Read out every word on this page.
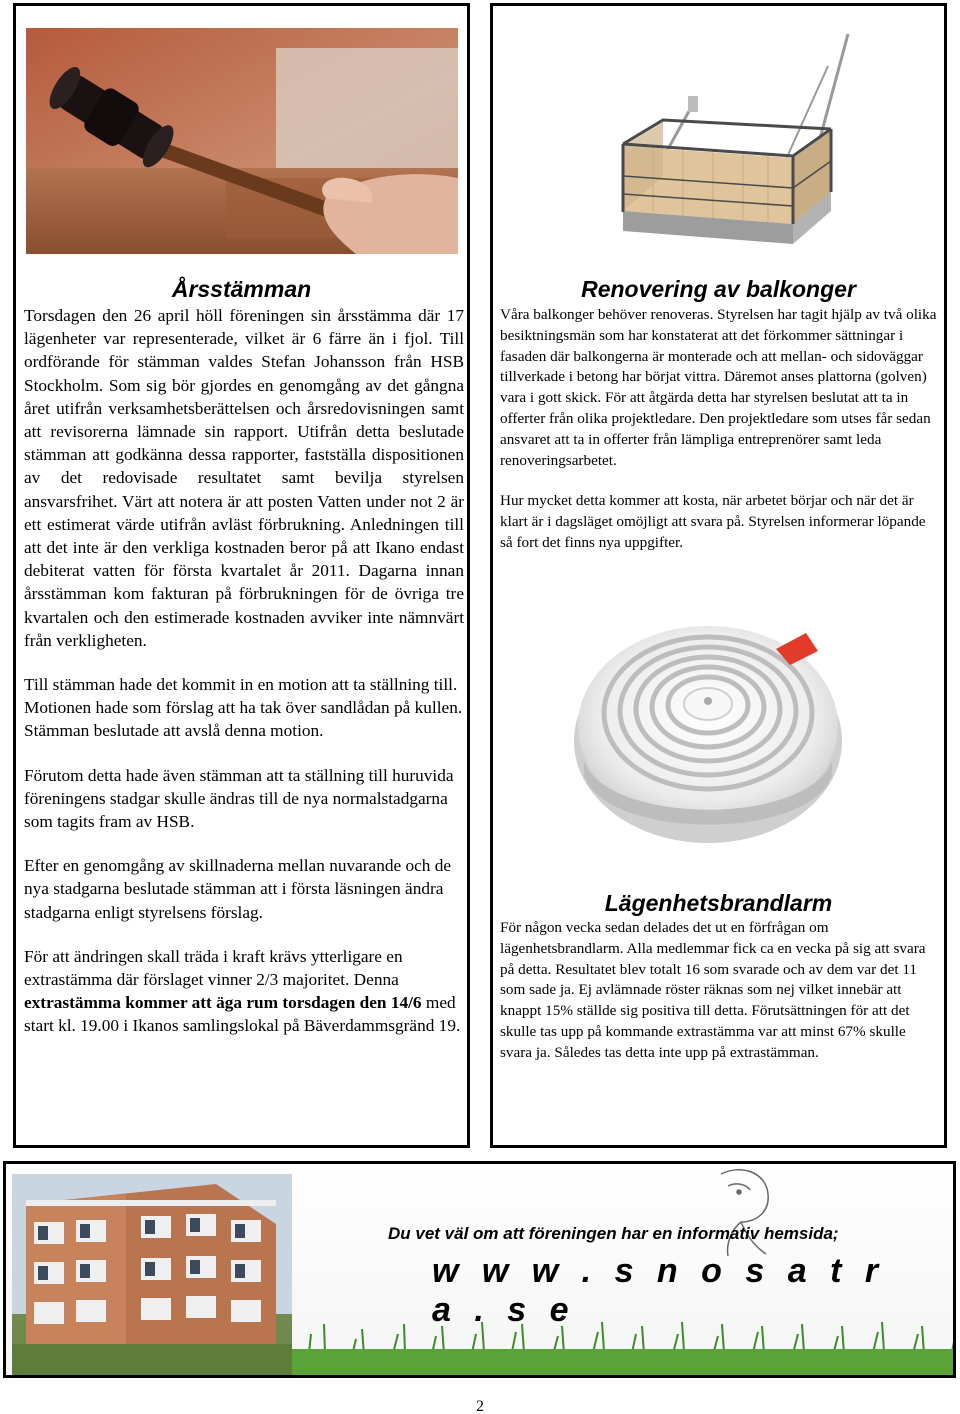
Årsstämman

Torsdagen den 26 april höll föreningen sin årsstämma där 17 lägenheter var representerade, vilket är 6 färre än i fjol. Till ordförande för stämman valdes Stefan Johansson från HSB Stockholm. Som sig bör gjordes en genomgång av det gångna året utifrån verksamhetsberättelsen och årsredovisningen samt att revisorerna lämnade sin rapport. Utifrån detta beslutade stämman att godkänna dessa rapporter, fastställa dispositionen av det redovisade resultatet samt bevilja styrelsen ansvarsfrihet. Värt att notera är att posten Vatten under not 2 är ett estimerat värde utifrån avläst förbrukning. Anledningen till att det inte är den verkliga kostnaden beror på att Ikano endast debiterat vatten för första kvartalet år 2011. Dagarna innan årsstämman kom fakturan på förbrukningen för de övriga tre kvartalen och den estimerade kostnaden avviker inte nämnvärt från verkligheten.

Till stämman hade det kommit in en motion att ta ställning till. Motionen hade som förslag att ha tak över sandlådan på kullen. Stämman beslutade att avslå denna motion.

Förutom detta hade även stämman att ta ställning till huruvida föreningens stadgar skulle ändras till de nya normalstadgarna som tagits fram av HSB.

Efter en genomgång av skillnaderna mellan nuvarande och de nya stadgarna beslutade stämman att i första läsningen ändra stadgarna enligt styrelsens förslag.

För att ändringen skall träda i kraft krävs ytterligare en extrastämma där förslaget vinner 2/3 majoritet. Denna extrastämma kommer att äga rum torsdagen den 14/6 med start kl. 19.00 i Ikanos samlingslokal på Bäverdammsgränd 19.

Renovering av balkonger

Våra balkonger behöver renoveras. Styrelsen har tagit hjälp av två olika besiktningsmän som har konstaterat att det förkommer sättningar i fasaden där balkongerna är monterade och att mellan- och sidoväggar tillverkade i betong har börjat vittra. Däremot anses plattorna (golven) vara i gott skick. För att åtgärda detta har styrelsen beslutat att ta in offerter från olika projektledare. Den projektledare som utses får sedan ansvaret att ta in offerter från lämpliga entreprenörer samt leda renoveringsarbetet.

Hur mycket detta kommer att kosta, när arbetet börjar och när det är klart är i dagsläget omöjligt att svara på. Styrelsen informerar löpande så fort det finns nya uppgifter.

Lägenhetsbrandlarm

För någon vecka sedan delades det ut en förfrågan om lägenhetsbrandlarm. Alla medlemmar fick ca en vecka på sig att svara på detta. Resultatet blev totalt 16 som svarade och av dem var det 11 som sade ja. Ej avlämnade röster räknas som nej vilket innebär att knappt 15% ställde sig positiva till detta. Förutsättningen för att det skulle tas upp på kommande extrastämma var att minst 67% skulle svara ja. Således tas detta inte upp på extrastämman.

Du vet väl om att föreningen har en informativ hemsida;
w w w . s n o s a t r a . s e
2
